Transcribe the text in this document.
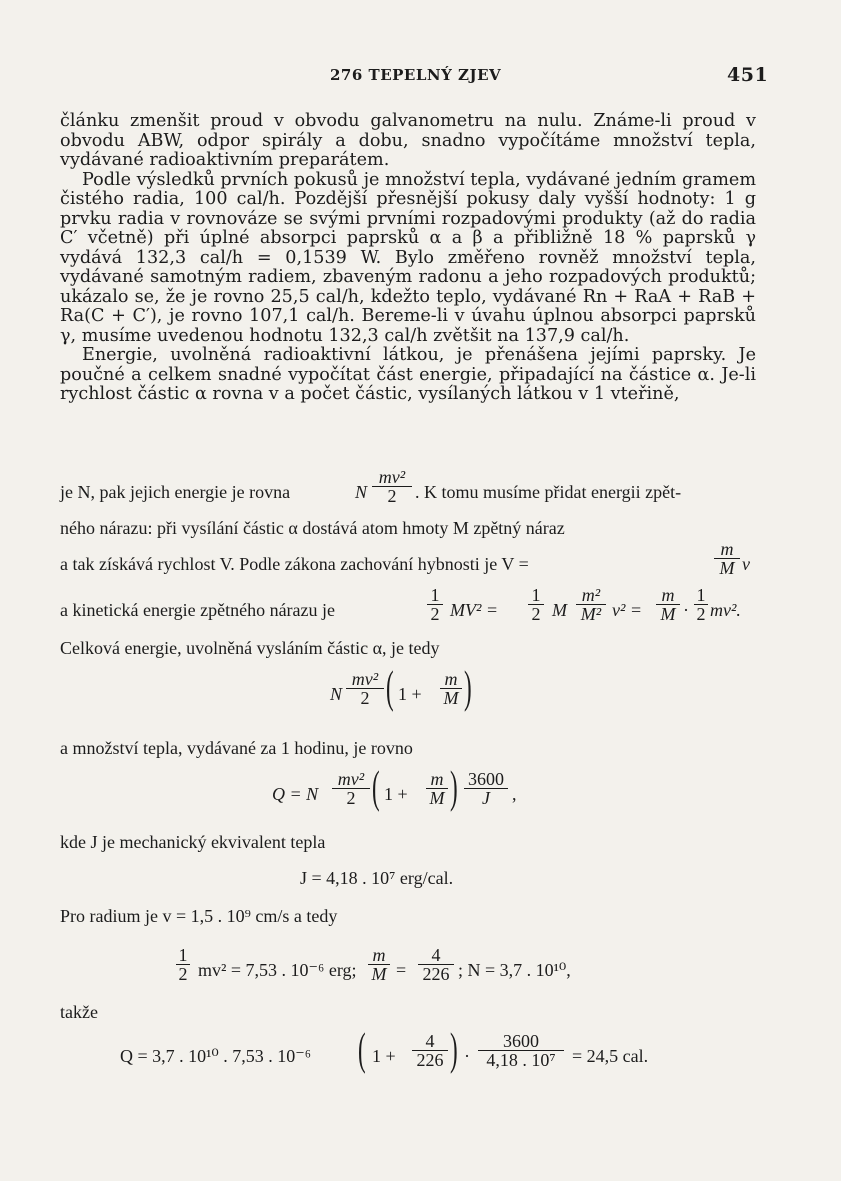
276 TEPELNÝ ZJEV	451

článku zmenšit proud v obvodu galvanometru na nulu. Známe-li proud v obvodu ABW, odpor spirály a dobu, snadno vypočítáme množství tepla, vydávané radioaktivním preparátem.

Podle výsledků prvních pokusů je množství tepla, vydávané jedním gramem čistého radia, 100 cal/h. Pozdější přesnější pokusy daly vyšší hodnoty: 1 g prvku radia v rovnováze se svými prvními rozpadovými produkty (až do radia C′ včetně) při úplné absorpci paprsků α a β a přibližně 18 % paprsků γ vydává 132,3 cal/h = 0,1539 W. Bylo změřeno rovněž množství tepla, vydávané samotným radiem, zbaveným radonu a jeho rozpadových produktů; ukázalo se, že je rovno 25,5 cal/h, kdežto teplo, vydávané Rn + RaA + RaB + Ra(C + C′), je rovno 107,1 cal/h. Bereme-li v úvahu úplnou absorpci paprsků γ, musíme uvedenou hodnotu 132,3 cal/h zvětšit na 137,9 cal/h.

Energie, uvolněná radioaktivní látkou, je přenášena jejími paprsky. Je poučné a celkem snadné vypočítat část energie, připadající na částice α. Je-li rychlost částic α rovna v a počet částic, vysílaných látkou v 1 vteřině,

je N, pak jejich energie je rovna	N
mv²
2	. K tomu musíme přidat energii zpět-
ného nárazu: při vysílání částic α dostává atom hmoty M zpětný náraz
a tak získává rychlost V. Podle zákona zachování hybnosti je V =
m
M v
a kinetická energie zpětného nárazu je	$\frac{1}{2} MV^2 = \frac{1}{2}$ M
m²
M² v² =
m
$M \cdot \frac{1}{2} mv^2$.
Celková energie, uvolněná vysláním částic α, je tedy
N
mv²
2 ( 1 +
m
M )
a množství tepla, vydávané za 1 hodinu, je rovno
Q = N
mv²
2 ( 1 +
m
M ) 3600
J	,
kde J je mechanický ekvivalent tepla
J = 4,18 . 10⁷ erg/cal.
Pro radium je v = 1,5 . 10⁹ cm/s a tedy
$\frac{1}{2} mv^2 = 7,53$ . 10⁻⁶ erg;
m
$M = \frac{4}{226}$ ; N = 3,7 . 10¹⁰,
takže
Q = 3,7 . 10¹⁰ . 7,53 . 10⁻⁶ ( $1 + \frac{4}{226}$ ) · $\frac{3600}{\text{4,18 . 10⁷}} = 24,5$ cal.
